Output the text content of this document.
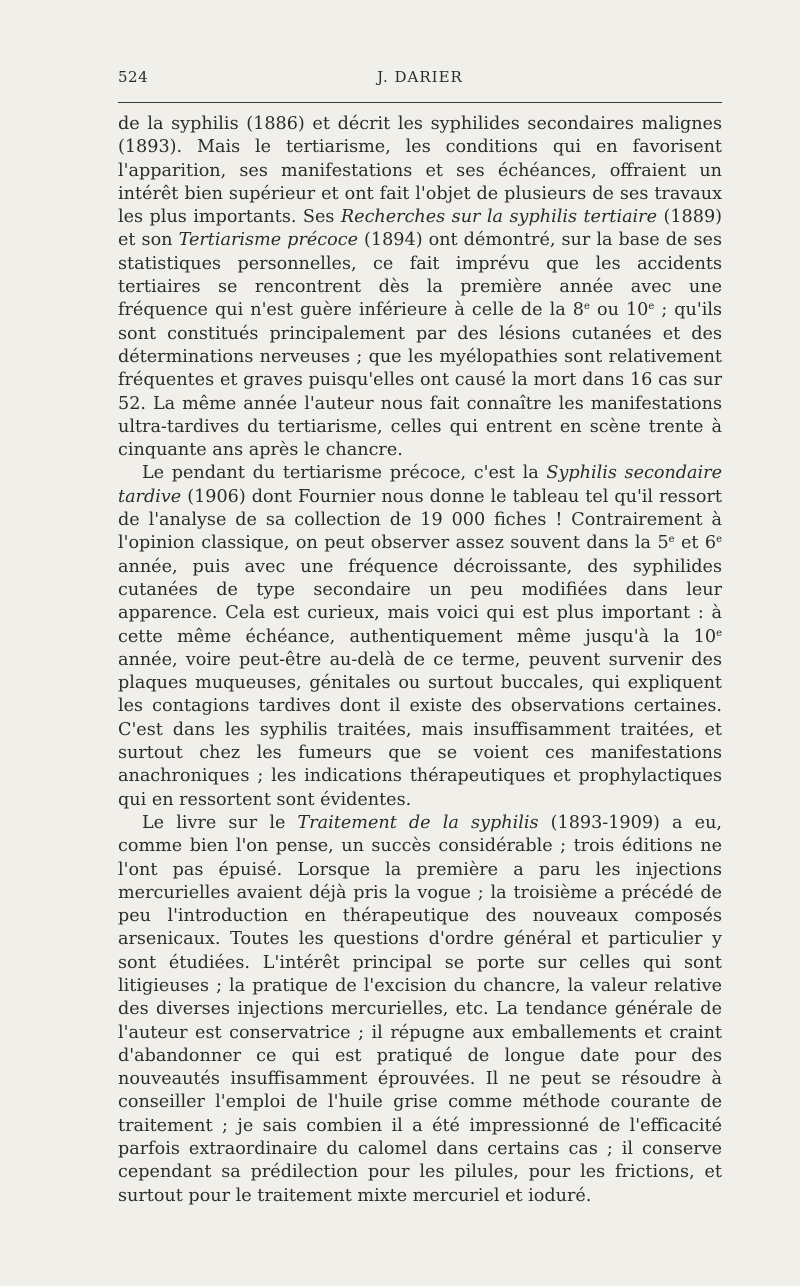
524	J. DARIER

de la syphilis (1886) et décrit les syphilides secondaires malignes (1893). Mais le tertiarisme, les conditions qui en favorisent l'apparition, ses manifestations et ses échéances, offraient un intérêt bien supérieur et ont fait l'objet de plusieurs de ses travaux les plus importants. Ses Recherches sur la syphilis tertiaire (1889) et son Tertiarisme précoce (1894) ont démontré, sur la base de ses statistiques personnelles, ce fait imprévu que les accidents tertiaires se rencontrent dès la première année avec une fréquence qui n'est guère inférieure à celle de la 8e ou 10e ; qu'ils sont constitués principalement par des lésions cutanées et des déterminations nerveuses ; que les myélopathies sont relativement fréquentes et graves puisqu'elles ont causé la mort dans 16 cas sur 52. La même année l'auteur nous fait connaître les manifestations ultra-tardives du tertiarisme, celles qui entrent en scène trente à cinquante ans après le chancre.

Le pendant du tertiarisme précoce, c'est la Syphilis secondaire tardive (1906) dont Fournier nous donne le tableau tel qu'il ressort de l'analyse de sa collection de 19 000 fiches ! Contrairement à l'opinion classique, on peut observer assez souvent dans la 5e et 6e année, puis avec une fréquence décroissante, des syphilides cutanées de type secondaire un peu modifiées dans leur apparence. Cela est curieux, mais voici qui est plus important : à cette même échéance, authentiquement même jusqu'à la 10e année, voire peut-être au-delà de ce terme, peuvent survenir des plaques muqueuses, génitales ou surtout buccales, qui expliquent les contagions tardives dont il existe des observations certaines. C'est dans les syphilis traitées, mais insuffisamment traitées, et surtout chez les fumeurs que se voient ces manifestations anachroniques ; les indications thérapeutiques et prophylactiques qui en ressortent sont évidentes.

Le livre sur le Traitement de la syphilis (1893-1909) a eu, comme bien l'on pense, un succès considérable ; trois éditions ne l'ont pas épuisé. Lorsque la première a paru les injections mercurielles avaient déjà pris la vogue ; la troisième a précédé de peu l'introduction en thérapeutique des nouveaux composés arsenicaux. Toutes les questions d'ordre général et particulier y sont étudiées. L'intérêt principal se porte sur celles qui sont litigieuses ; la pratique de l'excision du chancre, la valeur relative des diverses injections mercurielles, etc. La tendance générale de l'auteur est conservatrice ; il répugne aux emballements et craint d'abandonner ce qui est pratiqué de longue date pour des nouveautés insuffisamment éprouvées. Il ne peut se résoudre à conseiller l'emploi de l'huile grise comme méthode courante de traitement ; je sais combien il a été impressionné de l'efficacité parfois extraordinaire du calomel dans certains cas ; il conserve cependant sa prédilection pour les pilules, pour les frictions, et surtout pour le traitement mixte mercuriel et ioduré.
